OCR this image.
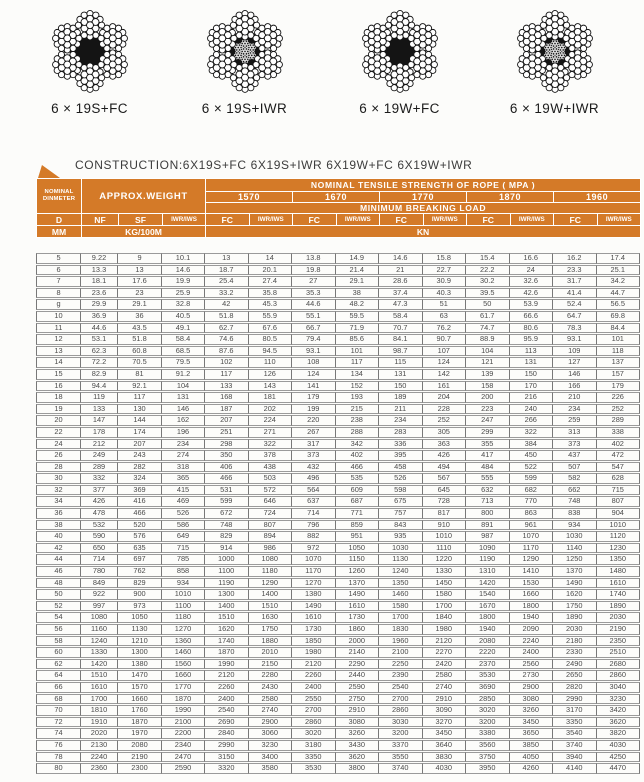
6 × 19S+FC	6 × 19S+IWR	6 × 19W+FC	6 × 19W+IWR
CONSTRUCTION:6X19S+FC 6X19S+IWR 6X19W+FC 6X19W+IWR
NOMINAL
DINMETER	APPROX.WEIGHT			NOMINAL TENSILE STRENGTH OF ROPE ( MPA )									
				1570		1670		1770		1870		1960	
				MINIMUM BREAKING LOAD									
D	NF	SF	IWR/IWS	FC	IWR/IWS	FC	IWR/IWS	FC	IWR/IWS	FC	IWR/IWS	FC	IWR/IWS
MM	KG/100M			KN									
5	9.22	9	10.1	13	14	13.8	14.9	14.6	15.8	15.4	16.6	16.2	17.4
6	13.3	13	14.6	18.7	20.1	19.8	21.4	21	22.7	22.2	24	23.3	25.1
7	18.1	17.6	19.9	25.4	27.4	27	29.1	28.6	30.9	30.2	32.6	31.7	34.2
8	23.6	23	25.9	33.2	35.8	35.3	38	37.4	40.3	39.5	42.6	41.4	44.7
g	29.9	29.1	32.8	42	45.3	44.6	48.2	47.3	51	50	53.9	52.4	56.5
10	36.9	36	40.5	51.8	55.9	55.1	59.5	58.4	63	61.7	66.6	64.7	69.8
11	44.6	43.5	49.1	62.7	67.6	66.7	71.9	70.7	76.2	74.7	80.6	78.3	84.4
12	53.1	51.8	58.4	74.6	80.5	79.4	85.6	84.1	90.7	88.9	95.9	93.1	101
13	62.3	60.8	68.5	87.6	94.5	93.1	101	98.7	107	104	113	109	118
14	72.2	70.5	79.5	102	110	108	117	115	124	121	131	127	137
15	82.9	81	91.2	117	126	124	134	131	142	139	150	146	157
16	94.4	92.1	104	133	143	141	152	150	161	158	170	166	179
18	119	117	131	168	181	179	193	189	204	200	216	210	226
19	133	130	146	187	202	199	215	211	228	223	240	234	252
20	147	144	162	207	224	220	238	234	252	247	266	259	289
22	178	174	196	251	271	267	288	283	305	299	322	313	338
24	212	207	234	298	322	317	342	336	363	355	384	373	402
26	249	243	274	350	378	373	402	395	426	417	450	437	472
28	289	282	318	406	438	432	466	458	494	484	522	507	547
30	332	324	365	466	503	496	535	526	567	555	599	582	628
32	377	369	415	531	572	564	609	598	645	632	682	662	715
34	426	416	469	599	646	637	687	675	728	713	770	748	807
36	478	466	526	672	724	714	771	757	817	800	863	838	904
38	532	520	586	748	807	796	859	843	910	891	961	934	1010
40	590	576	649	829	894	882	951	935	1010	987	1070	1030	1120
42	650	635	715	914	986	972	1050	1030	1110	1090	1170	1140	1230
44	714	697	785	1000	1080	1070	1150	1130	1220	1190	1290	1250	1350
46	780	762	858	1100	1180	1170	1260	1240	1330	1310	1410	1370	1480
48	849	829	934	1190	1290	1270	1370	1350	1450	1420	1530	1490	1610
50	922	900	1010	1300	1400	1380	1490	1460	1580	1540	1660	1620	1740
52	997	973	1100	1400	1510	1490	1610	1580	1700	1670	1800	1750	1890
54	1080	1050	1180	1510	1630	1610	1730	1700	1840	1800	1940	1890	2030
56	1160	1130	1270	1620	1750	1730	1860	1830	1980	1940	2090	2030	2190
58	1240	1210	1360	1740	1880	1850	2000	1960	2120	2080	2240	2180	2350
60	1330	1300	1460	1870	2010	1980	2140	2100	2270	2220	2400	2330	2510
62	1420	1380	1560	1990	2150	2120	2290	2250	2420	2370	2560	2490	2680
64	1510	1470	1660	2120	2280	2260	2440	2390	2580	3530	2730	2650	2860
66	1610	1570	1770	2260	2430	2400	2590	2540	2740	3690	2900	2820	3040
68	1700	1660	1870	2400	2580	2550	2750	2700	2910	2850	3080	2990	3230
70	1810	1760	1990	2540	2740	2700	2910	2860	3090	3020	3260	3170	3420
72	1910	1870	2100	2690	2900	2860	3080	3030	3270	3200	3450	3350	3620
74	2020	1970	2200	2840	3060	3020	3260	3200	3450	3380	3650	3540	3820
76	2130	2080	2340	2990	3230	3180	3430	3370	3640	3560	3850	3740	4030
78	2240	2190	2470	3150	3400	3350	3620	3550	3830	3750	4050	3940	4250
80	2360	2300	2590	3320	3580	3530	3800	3740	4030	3950	4260	4140	4470
